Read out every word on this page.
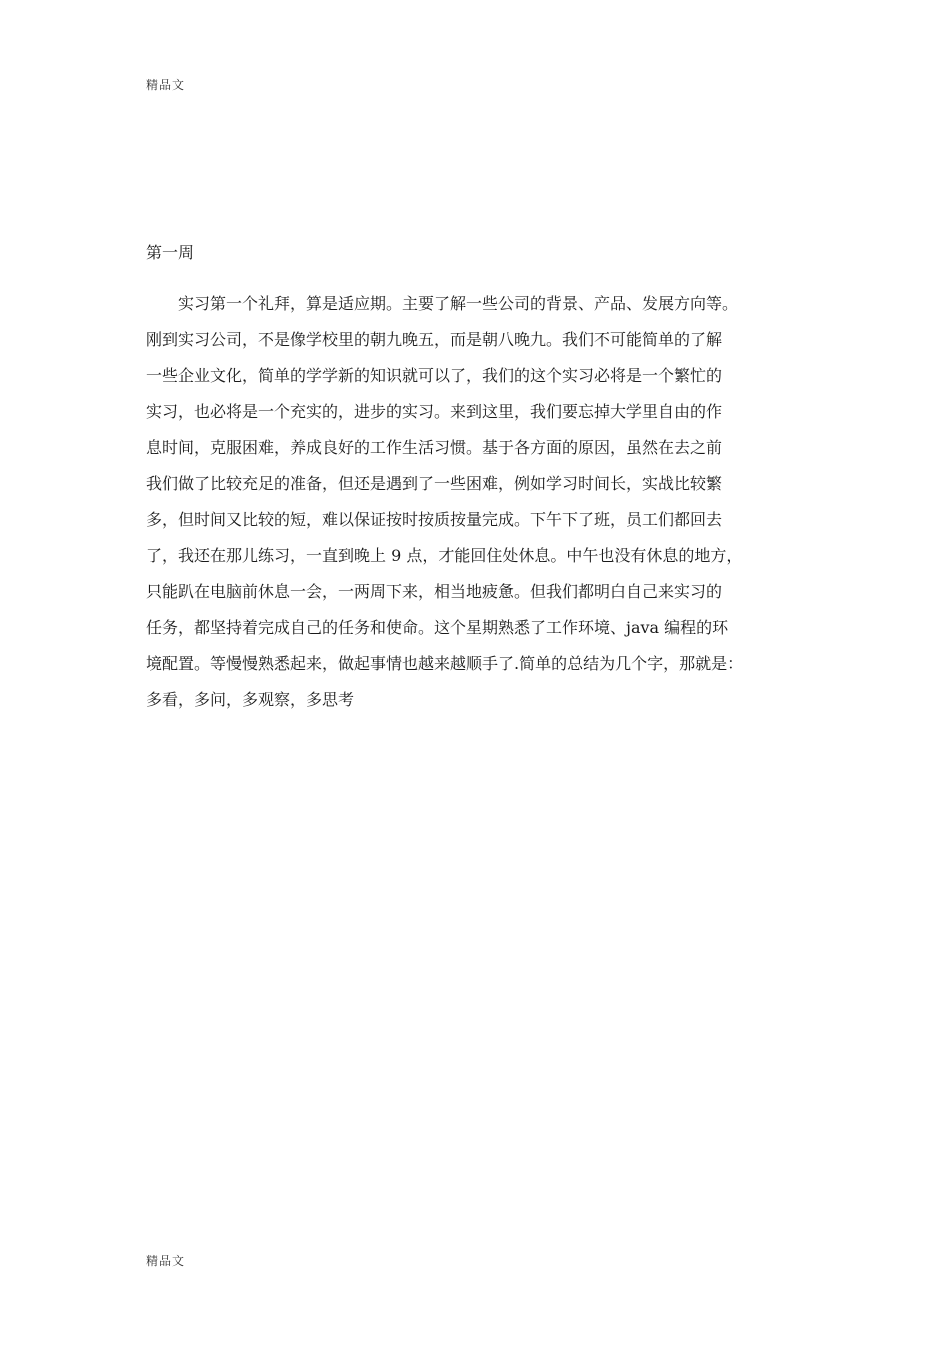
精品文
第一周
实习第一个礼拜，算是适应期。主要了解一些公司的背景、产品、发展方向等。
刚到实习公司，不是像学校里的朝九晚五，而是朝八晚九。我们不可能简单的了解
一些企业文化，简单的学学新的知识就可以了，我们的这个实习必将是一个繁忙的
实习，也必将是一个充实的，进步的实习。来到这里，我们要忘掉大学里自由的作
息时间，克服困难，养成良好的工作生活习惯。基于各方面的原因，虽然在去之前
我们做了比较充足的准备，但还是遇到了一些困难，例如学习时间长，实战比较繁
多，但时间又比较的短，难以保证按时按质按量完成。下午下了班，员工们都回去
了，我还在那儿练习，一直到晚上 9 点，才能回住处休息。中午也没有休息的地方，
只能趴在电脑前休息一会，一两周下来，相当地疲惫。但我们都明白自己来实习的
任务，都坚持着完成自己的任务和使命。这个星期熟悉了工作环境、java 编程的环
境配置。等慢慢熟悉起来，做起事情也越来越顺手了.简单的总结为几个字，那就是：
多看，多问，多观察，多思考
精品文
